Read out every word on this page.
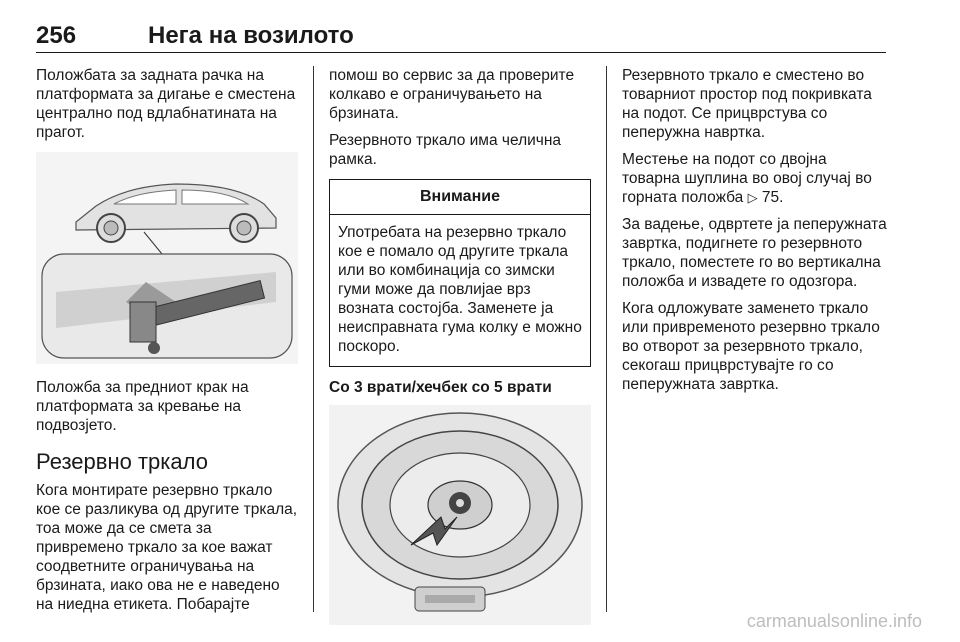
256	Нега на возилото

Положбата за задната рачка на платформата за дигање е сместена централно под вдлабнатината на прагот.

Положба за предниот крак на платформата за кревање на подвозјето.

Резервно тркало

Кога монтирате резервно тркало кое се разликува од другите тркала, тоа може да се смета за привремено тркало за кое важат соодветните ограничувања на брзината, иако ова не е наведено на ниедна етикета. Побарајте

помош во сервис за да проверите колкаво е ограничувањето на брзината.

Резервното тркало има челична рамка.

Внимание
Употребата на резервно тркало кое е помало од другите тркала или во комбинација со зимски гуми може да повлијае врз возната состојба. Заменете ја неисправната гума колку е можно поскоро.
Со 3 врати/хечбек со 5 врати

Резервното тркало е сместено во товарниот простор под покривката на подот. Се прицврстува со пеперужна навртка.

Местење на подот со двојна товарна шуплина во овој случај во горната положба ▷ 75.

За вадење, одвртете ја пеперужната завртка, подигнете го резервното тркало, поместете го во вертикална положба и извадете го одозгора.

Кога одложувате заменето тркало или привременото резервно тркало во отворот за резервното тркало, секогаш прицврстувајте го со пеперужната завртка.

carmanualsonline.info
